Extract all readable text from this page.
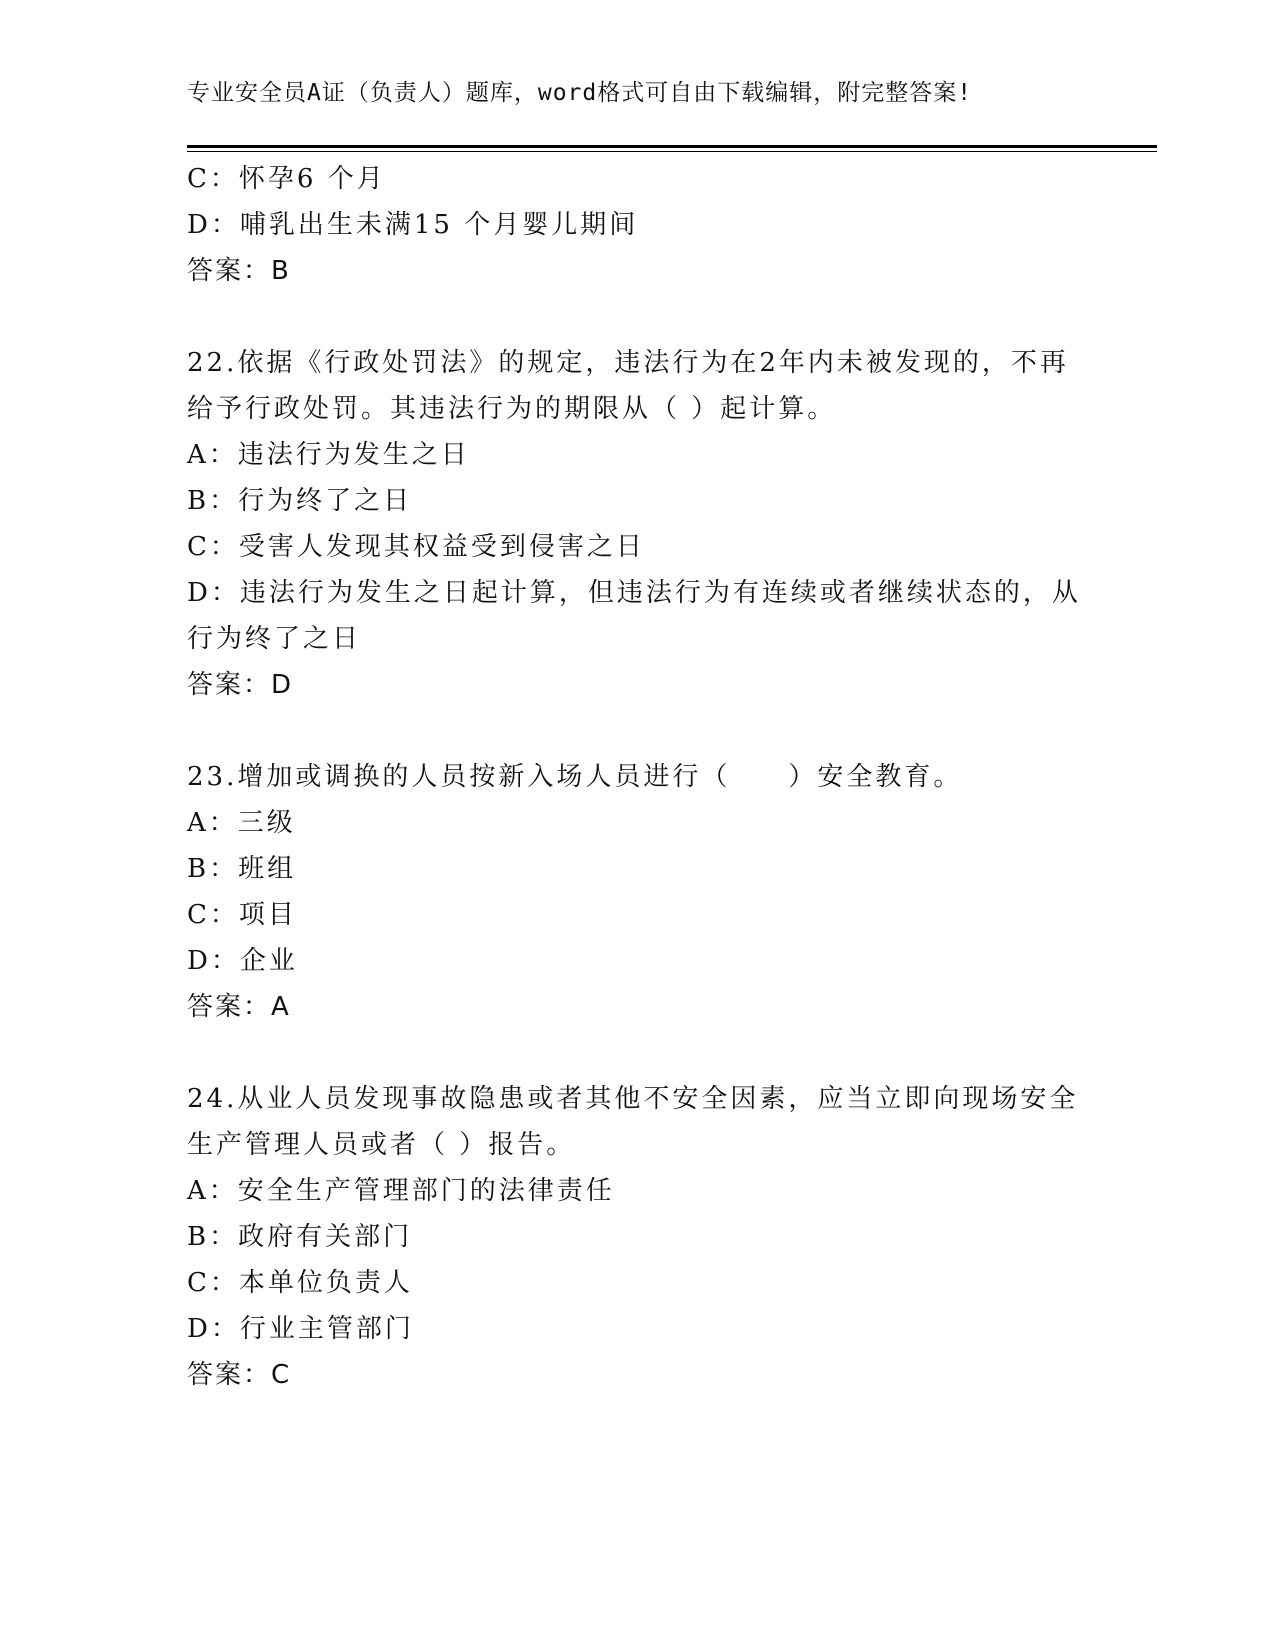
专业安全员A证（负责人）题库，word格式可自由下载编辑，附完整答案!
C：怀孕6 个月
D：哺乳出生未满15 个月婴儿期间
答案：B
22.依据《行政处罚法》的规定，违法行为在2年内未被发现的，不再
给予行政处罚。其违法行为的期限从（ ）起计算。
A：违法行为发生之日
B：行为终了之日
C：受害人发现其权益受到侵害之日
D：违法行为发生之日起计算，但违法行为有连续或者继续状态的，从
行为终了之日
答案：D
23.增加或调换的人员按新入场人员进行（　　）安全教育。
A：三级
B：班组
C：项目
D：企业
答案：A
24.从业人员发现事故隐患或者其他不安全因素，应当立即向现场安全
生产管理人员或者（ ）报告。
A：安全生产管理部门的法律责任
B：政府有关部门
C：本单位负责人
D：行业主管部门
答案：C
